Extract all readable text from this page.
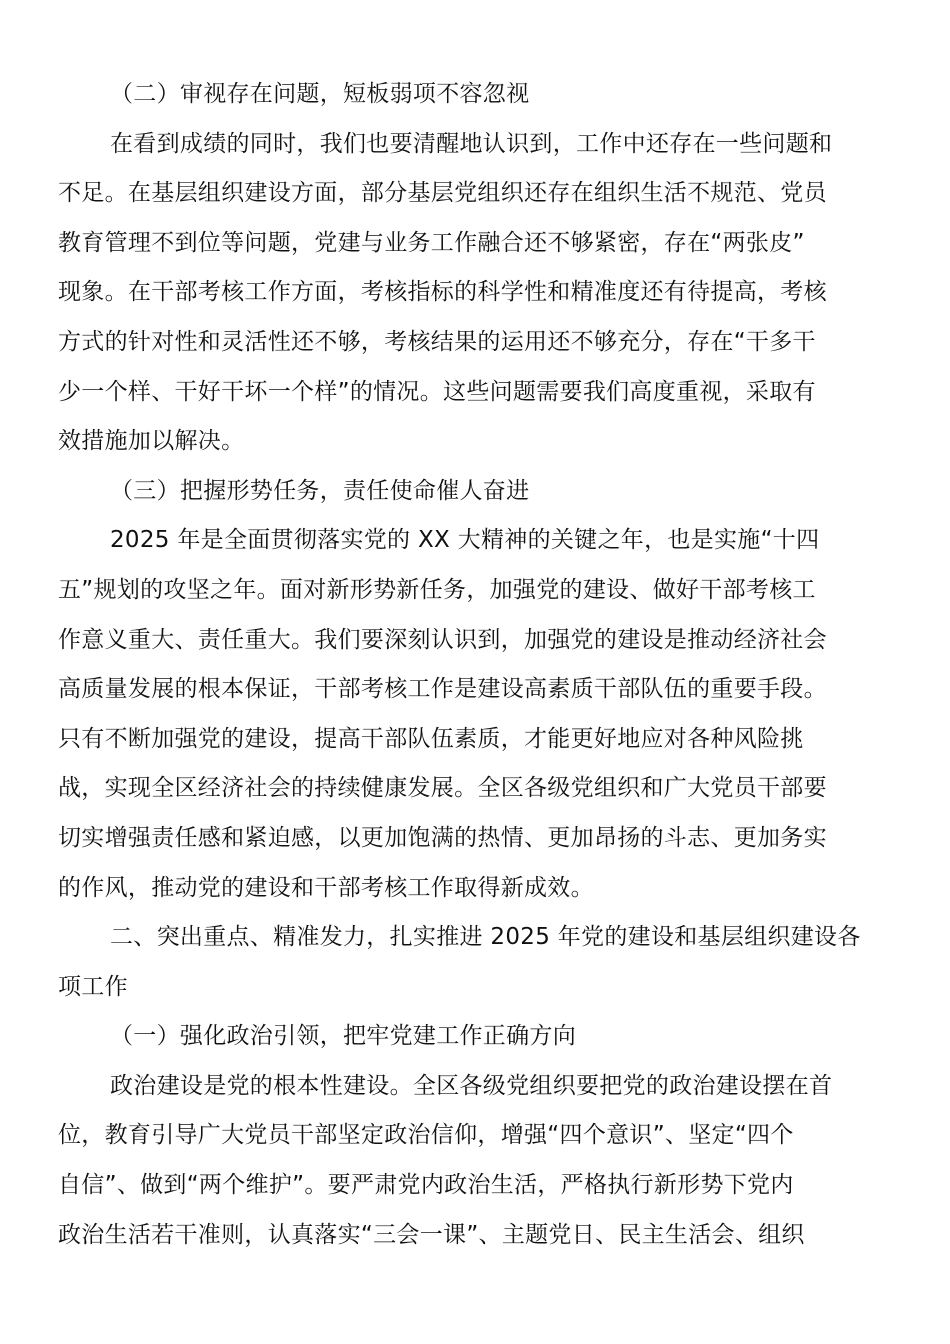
（二）审视存在问题，短板弱项不容忽视
在看到成绩的同时，我们也要清醒地认识到，工作中还存在一些问题和
不足。在基层组织建设方面，部分基层党组织还存在组织生活不规范、党员
教育管理不到位等问题，党建与业务工作融合还不够紧密，存在“两张皮”
现象。在干部考核工作方面，考核指标的科学性和精准度还有待提高，考核
方式的针对性和灵活性还不够，考核结果的运用还不够充分，存在“干多干
少一个样、干好干坏一个样”的情况。这些问题需要我们高度重视，采取有
效措施加以解决。
（三）把握形势任务，责任使命催人奋进
2025 年是全面贯彻落实党的 XX 大精神的关键之年，也是实施“十四
五”规划的攻坚之年。面对新形势新任务，加强党的建设、做好干部考核工
作意义重大、责任重大。我们要深刻认识到，加强党的建设是推动经济社会
高质量发展的根本保证，干部考核工作是建设高素质干部队伍的重要手段。
只有不断加强党的建设，提高干部队伍素质，才能更好地应对各种风险挑
战，实现全区经济社会的持续健康发展。全区各级党组织和广大党员干部要
切实增强责任感和紧迫感，以更加饱满的热情、更加昂扬的斗志、更加务实
的作风，推动党的建设和干部考核工作取得新成效。
二、突出重点、精准发力，扎实推进 2025 年党的建设和基层组织建设各
项工作
（一）强化政治引领，把牢党建工作正确方向
政治建设是党的根本性建设。全区各级党组织要把党的政治建设摆在首
位，教育引导广大党员干部坚定政治信仰，增强“四个意识”、坚定“四个
自信”、做到“两个维护”。要严肃党内政治生活，严格执行新形势下党内
政治生活若干准则，认真落实“三会一课”、主题党日、民主生活会、组织
